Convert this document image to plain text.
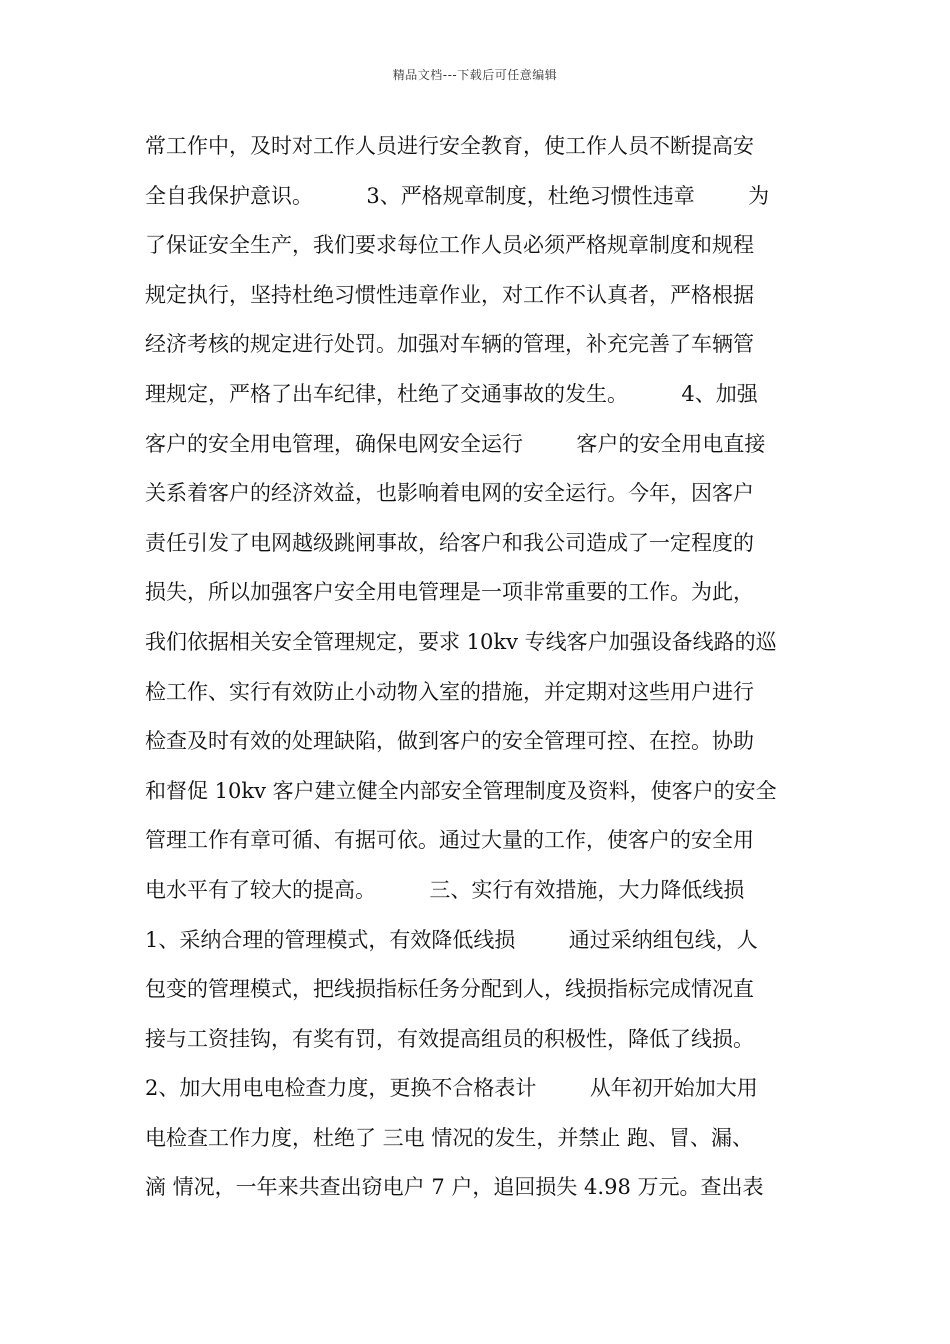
精品文档---下载后可任意编辑
常工作中，及时对工作人员进行安全教育，使工作人员不断提高安
全自我保护意识。        3、严格规章制度，杜绝习惯性违章        为
了保证安全生产，我们要求每位工作人员必须严格规章制度和规程
规定执行，坚持杜绝习惯性违章作业，对工作不认真者，严格根据
经济考核的规定进行处罚。加强对车辆的管理，补充完善了车辆管
理规定，严格了出车纪律，杜绝了交通事故的发生。        4、加强
客户的安全用电管理，确保电网安全运行        客户的安全用电直接
关系着客户的经济效益，也影响着电网的安全运行。今年，因客户
责任引发了电网越级跳闸事故，给客户和我公司造成了一定程度的
损失，所以加强客户安全用电管理是一项非常重要的工作。为此，
我们依据相关安全管理规定，要求 10kv 专线客户加强设备线路的巡
检工作、实行有效防止小动物入室的措施，并定期对这些用户进行
检查及时有效的处理缺陷，做到客户的安全管理可控、在控。协助
和督促 10kv 客户建立健全内部安全管理制度及资料，使客户的安全
管理工作有章可循、有据可依。通过大量的工作，使客户的安全用
电水平有了较大的提高。        三、实行有效措施，大力降低线损
1、采纳合理的管理模式，有效降低线损        通过采纳组包线，人
包变的管理模式，把线损指标任务分配到人，线损指标完成情况直
接与工资挂钩，有奖有罚，有效提高组员的积极性，降低了线损。
2、加大用电电检查力度，更换不合格表计        从年初开始加大用
电检查工作力度，杜绝了 三电 情况的发生，并禁止 跑、冒、漏、
滴 情况，一年来共查出窃电户 7 户，追回损失 4.98 万元。查出表
